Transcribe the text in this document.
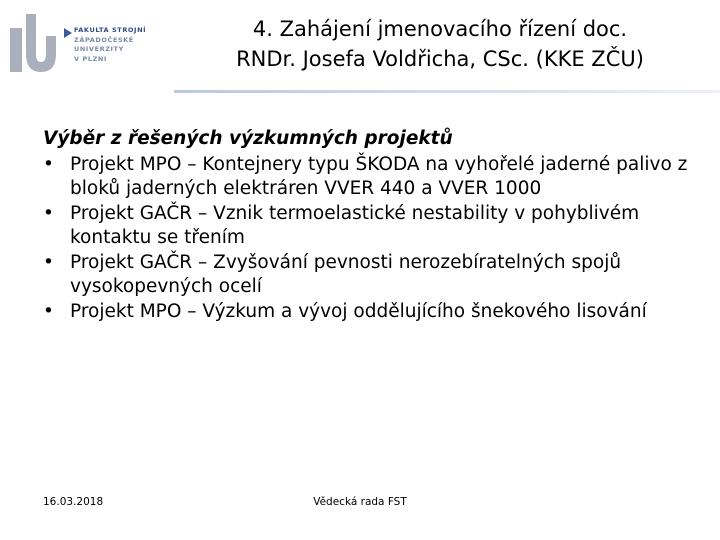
FAKULTA STROJNÍ
ZÁPADOČESKÉ
UNIVERZITY
V PLZNI
4. Zahájení jmenovacího řízení doc.
RNDr. Josefa Voldřicha, CSc. (KKE ZČU)
Výběr z řešených výzkumných projektů
• Projekt MPO – Kontejnery typu ŠKODA na vyhořelé jaderné palivo z bloků jaderných elektráren VVER 440 a VVER 1000
• Projekt GAČR – Vznik termoelastické nestability v pohyblivém kontaktu se třením
• Projekt GAČR – Zvyšování pevnosti nerozebíratelných spojů vysokopevných ocelí
• Projekt MPO – Výzkum a vývoj oddělujícího šnekového lisování
16.03.2018	Vědecká rada FST
